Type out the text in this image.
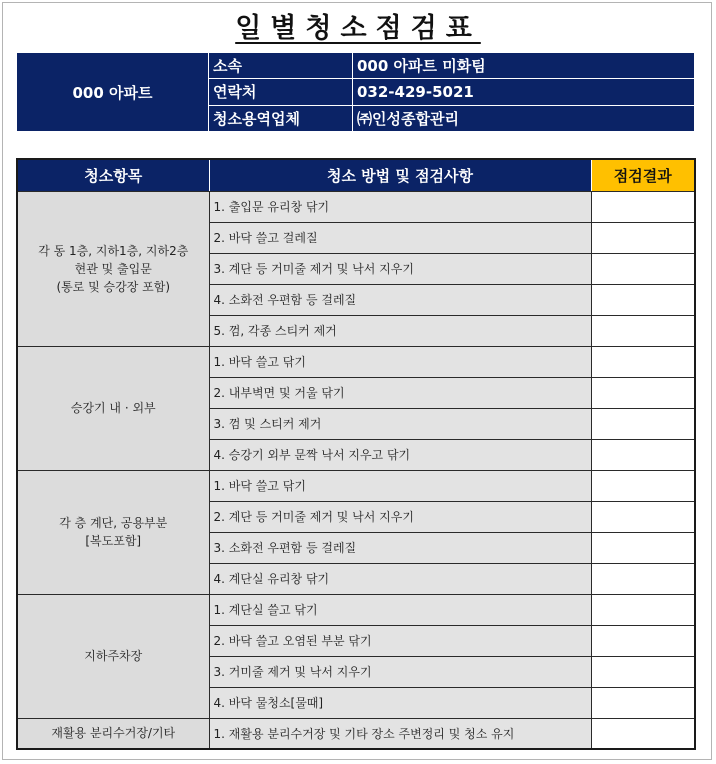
일별청소점검표
000 아파트	소속	000 아파트 미화팀
	연락처	032-429-5021
	청소용역업체	㈜인성종합관리
청소항목	청소 방법 및 점검사항	점검결과

각 동 1층, 지하1층, 지하2층
현관 및 출입문
(통로 및 승강장 포함)	1. 출입문 유리창 닦기	
	2. 바닥 쓸고 걸레질	
	3. 계단 등 거미줄 제거 및 낙서 지우기	
	4. 소화전 우편함 등 걸레질	
	5. 껌, 각종 스티커 제거	

승강기 내 · 외부	1. 바닥 쓸고 닦기	
	2. 내부벽면 및 거울 닦기	
	3. 껌 및 스티커 제거	
	4. 승강기 외부 문짝 낙서 지우고 닦기	

각 층 계단, 공용부분
[복도포함]	1. 바닥 쓸고 닦기	
	2. 계단 등 거미줄 제거 및 낙서 지우기	
	3. 소화전 우편함 등 걸레질	
	4. 계단실 유리창 닦기	

지하주차장	1. 계단실 쓸고 닦기	
	2. 바닥 쓸고 오염된 부분 닦기	
	3. 거미줄 제거 및 낙서 지우기	
	4. 바닥 물청소[물때]	

재활용 분리수거장/기타	1. 재활용 분리수거장 및 기타 장소 주변정리 및 청소 유지	
